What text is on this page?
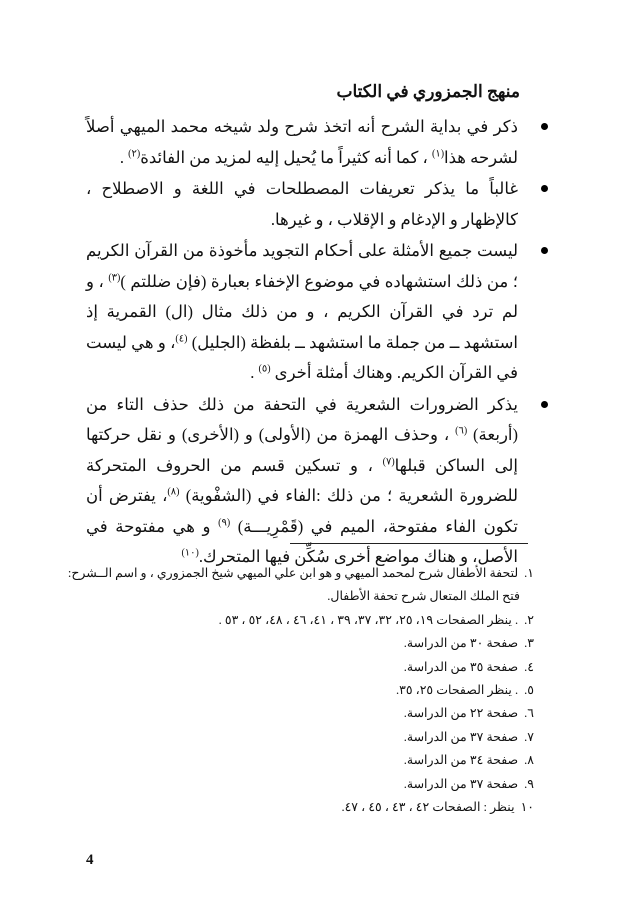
منهج الجمزوري في الكتاب
ذكر في بداية الشرح أنه اتخذ شرح ولد شيخه محمد الميهي أصلاً لشرحه هذا$^{(١)}$ ، كما أنه كثيراً ما يُحيل إليه لمزيد من الفائدة$^{(٢)}$ .
غالباً ما يذكر تعريفات المصطلحات في اللغة و الاصطلاح ، كالإظهار و الإدغام و الإقلاب ، و غيرها.
ليست جميع الأمثلة على أحكام التجويد مأخوذة من القرآن الكريم ؛ من ذلك استشهاده في موضوع الإخفاء بعبارة (فإن ضللتم )$^{(٣)}$ ، و لم ترد في القرآن الكريم ، و من ذلك مثال (ال) القمرية إذ استشهد ــ من جملة ما استشهد ــ بلفظة (الجليل) $^{(٤)}$، و هي ليست في القرآن الكريم. وهناك أمثلة أخرى $^{(٥)}$ .
يذكر الضرورات الشعرية في التحفة من ذلك حذف التاء من (أربعة) $^{(٦)}$ ، وحذف الهمزة من (الأولى) و (الأخرى) و نقل حركتها إلى الساكن قبلها$^{(٧)}$ ، و تسكين قسم من الحروف المتحركة للضرورة الشعرية ؛ من ذلك :الفاء في (الشفْوية) $^{(٨)}$، يفترض أن تكون الفاء مفتوحة، الميم في (قَمْرِيـــة) $^{(٩)}$ و هي مفتوحة في الأصل، و هناك مواضع أخرى سُكِّن فيها المتحرك.$^{(١٠)}$
١.لتحفة الأطفال شرح لمحمد الميهي و هو ابن علي الميهي شيخ الجمزوري ، و اسم الــشرح:
فتح الملك المتعال شرح تحفة الأطفال.
٢.. ينظر الصفحات ١٩، ٢٥، ٣٢، ٣٧، ٣٩ ، ٤١، ٤٦ ، ٤٨، ٥٢ ، ٥٣ .
٣.صفحة ٣٠ من الدراسة.
٤.صفحة ٣٥ من الدراسة.
٥.. ينظر الصفحات ٢٥، ٣٥.
٦.صفحة ٢٢ من الدراسة.
٧.صفحة ٣٧ من الدراسة.
٨.صفحة ٣٤ من الدراسة.
٩.صفحة ٣٧ من الدراسة.
١٠ينظر : الصفحات ٤٢ ، ٤٣ ، ٤٥ ، ٤٧.
4
